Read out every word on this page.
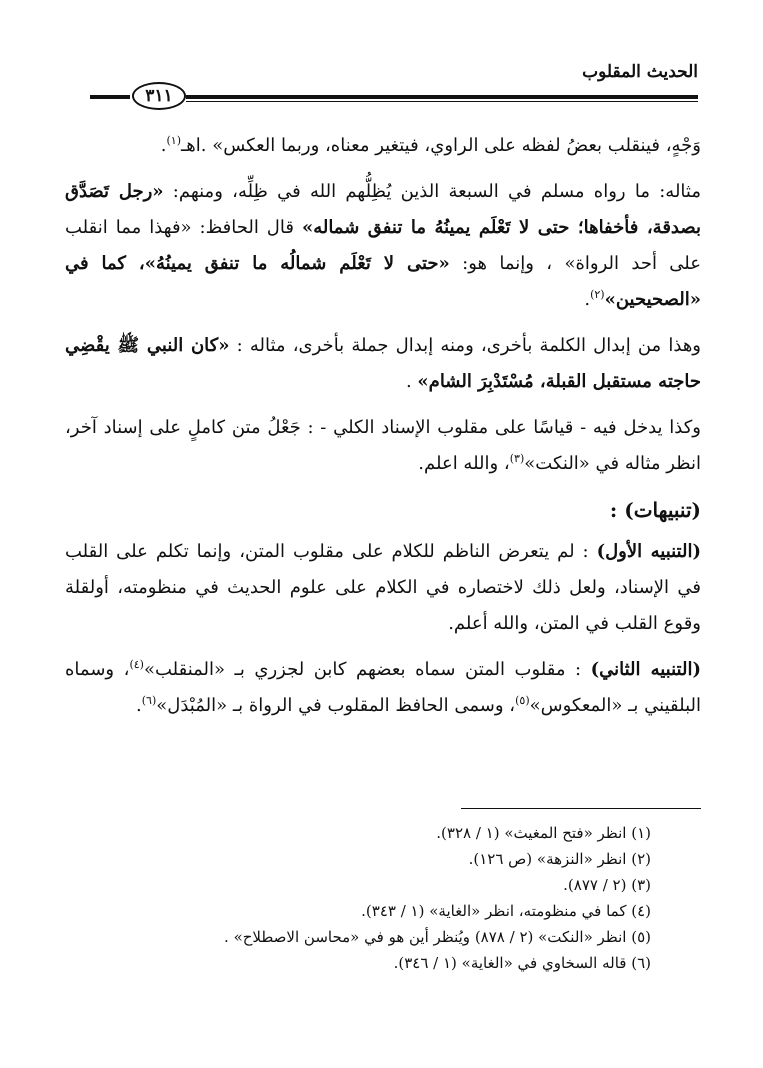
الحديث المقلوب
٣١١

وَجْهٍ، فينقلب بعضُ لفظه على الراوي، فيتغير معناه، وربما العكس» .اهـ$^{(١)}$.

مثاله: ما رواه مسلم في السبعة الذين يُظِلُّهم الله في ظِلِّه، ومنهم: «رجل تَصَدَّق بصدقة، فأخفاها؛ حتى لا تَعْلَم يمينُهُ ما تنفق شماله» قال الحافظ: «فهذا مما انقلب على أحد الرواة» ، وإنما هو: «حتى لا تَعْلَم شمالُه ما تنفق يمينُهُ»، كما في «الصحيحين»$^{(٢)}$.

وهذا من إبدال الكلمة بأخرى، ومنه إبدال جملة بأخرى، مثاله : «كان النبي ﷺ يقْضِي حاجته مستقبل القبلة، مُسْتَدْبِرَ الشام» .

وكذا يدخل فيه - قياسًا على مقلوب الإسناد الكلي - : جَعْلُ متن كاملٍ على إسناد آخر، انظر مثاله في «النكت»$^{(٣)}$، والله اعلم.

(تنبيهات) :

(التنبيه الأول) : لم يتعرض الناظم للكلام على مقلوب المتن، وإنما تكلم على القلب في الإسناد، ولعل ذلك لاختصاره في الكلام على علوم الحديث في منظومته، أولقلة وقوع القلب في المتن، والله أعلم.

(التنبيه الثاني) : مقلوب المتن سماه بعضهم كابن لجزري بـ «المنقلب»$^{(٤)}$، وسماه البلقيني بـ «المعكوس»$^{(٥)}$، وسمى الحافظ المقلوب في الرواة بـ «المُبْدَل»$^{(٦)}$.

(١) انظر «فتح المغيث» (١ / ٣٢٨).

(٢) انظر «النزهة» (ص ١٢٦).

(٣) (٢ / ٨٧٧).

(٤) كما في منظومته، انظر «الغاية» (١ / ٣٤٣).

(٥) انظر «النكت» (٢ / ٨٧٨) ويُنظر أين هو في «محاسن الاصطلاح» .

(٦) قاله السخاوي في «الغاية» (١ / ٣٤٦).
